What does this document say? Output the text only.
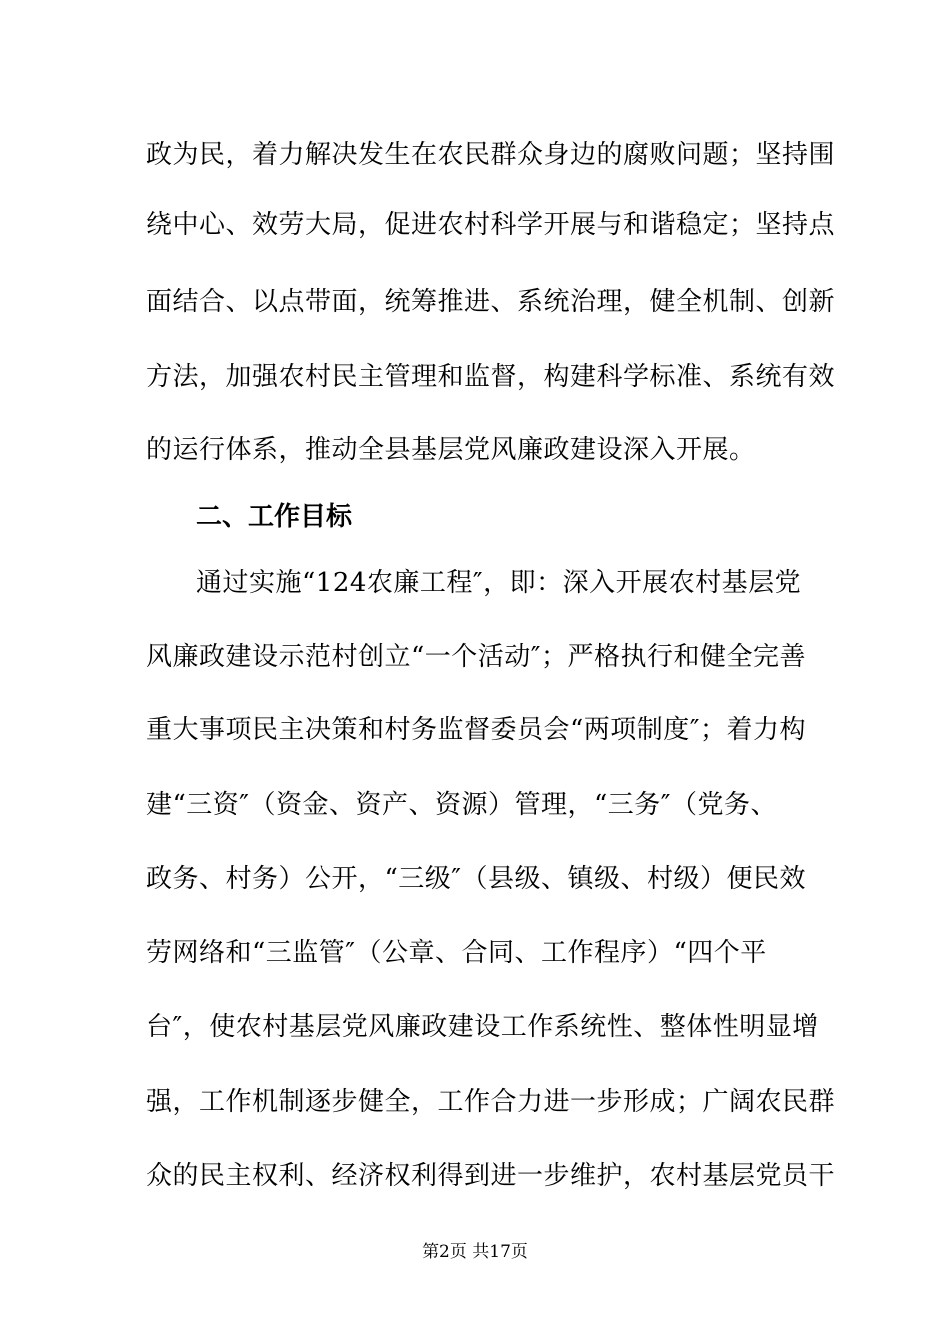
政为民，着力解决发生在农民群众身边的腐败问题；坚持围
绕中心、效劳大局，促进农村科学开展与和谐稳定；坚持点
面结合、以点带面，统筹推进、系统治理，健全机制、创新
方法，加强农村民主管理和监督，构建科学标准、系统有效
的运行体系，推动全县基层党风廉政建设深入开展。
二、工作目标
通过实施“124农廉工程″，即：深入开展农村基层党
风廉政建设示范村创立“一个活动″；严格执行和健全完善
重大事项民主决策和村务监督委员会“两项制度″；着力构
建“三资″（资金、资产、资源）管理，“三务″（党务、
政务、村务）公开，“三级″（县级、镇级、村级）便民效
劳网络和“三监管″（公章、合同、工作程序）“四个平
台″，使农村基层党风廉政建设工作系统性、整体性明显增
强，工作机制逐步健全，工作合力进一步形成；广阔农民群
众的民主权利、经济权利得到进一步维护，农村基层党员干
第2页 共17页
